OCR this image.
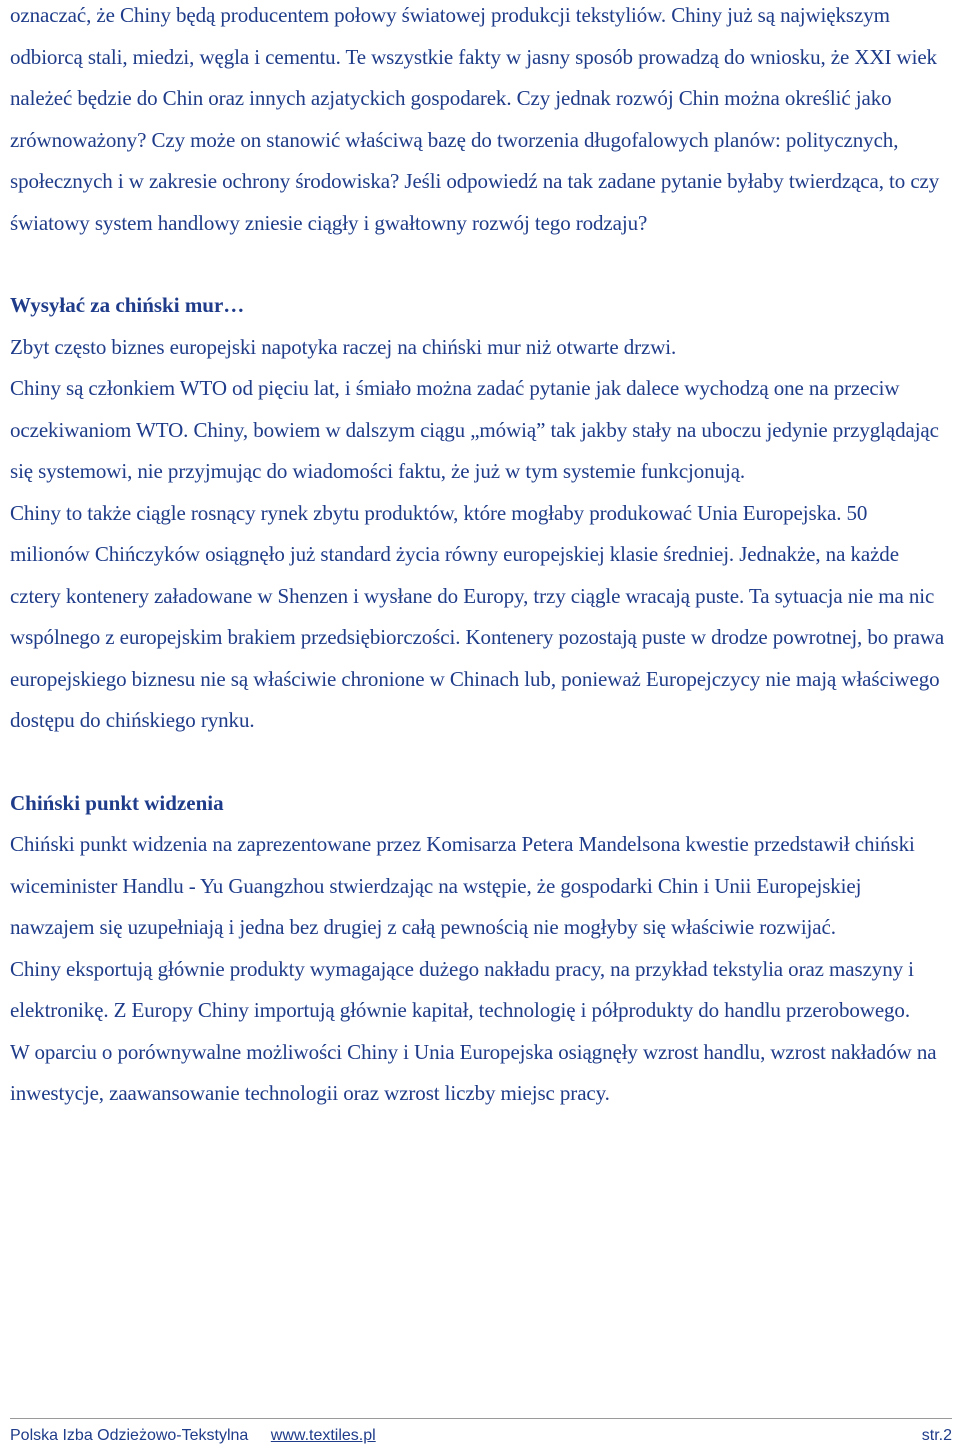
oznaczać, że Chiny będą producentem połowy światowej produkcji tekstyliów. Chiny już są największym odbiorcą stali, miedzi, węgla i cementu. Te wszystkie fakty w jasny sposób prowadzą do wniosku, że XXI wiek należeć będzie do Chin oraz innych azjatyckich gospodarek. Czy jednak rozwój Chin można określić jako zrównoważony? Czy może on stanowić właściwą bazę do tworzenia długofalowych planów: politycznych, społecznych i w zakresie ochrony środowiska? Jeśli odpowiedź na tak zadane pytanie byłaby twierdząca, to czy światowy system handlowy zniesie ciągły i gwałtowny rozwój tego rodzaju?

Wysyłać za chiński mur…

Zbyt często biznes europejski napotyka raczej na chiński mur niż otwarte drzwi.

Chiny są członkiem WTO od pięciu lat, i śmiało można zadać pytanie jak dalece wychodzą one na przeciw oczekiwaniom WTO. Chiny, bowiem w dalszym ciągu „mówią” tak jakby stały na uboczu jedynie przyglądając się systemowi, nie przyjmując do wiadomości faktu, że już w tym systemie funkcjonują.

Chiny to także ciągle rosnący rynek zbytu produktów, które mogłaby produkować Unia Europejska. 50 milionów Chińczyków osiągnęło już standard życia równy europejskiej klasie średniej. Jednakże, na każde cztery kontenery załadowane w Shenzen i wysłane do Europy, trzy ciągle wracają puste. Ta sytuacja nie ma nic wspólnego z europejskim brakiem przedsiębiorczości. Kontenery pozostają puste w drodze powrotnej, bo prawa europejskiego biznesu nie są właściwie chronione w Chinach lub, ponieważ Europejczycy nie mają właściwego dostępu do chińskiego rynku.

Chiński punkt widzenia

Chiński punkt widzenia na zaprezentowane przez Komisarza Petera Mandelsona kwestie przedstawił chiński wiceminister Handlu - Yu Guangzhou stwierdzając na wstępie, że gospodarki Chin i Unii Europejskiej nawzajem się uzupełniają i jedna bez drugiej z całą pewnością nie mogłyby się właściwie rozwijać.

Chiny eksportują głównie produkty wymagające dużego nakładu pracy, na przykład tekstylia oraz maszyny i elektronikę. Z Europy Chiny importują głównie kapitał, technologię i półprodukty do handlu przerobowego.

W oparciu o porównywalne możliwości Chiny i Unia Europejska osiągnęły wzrost handlu, wzrost nakładów na inwestycje, zaawansowanie technologii oraz wzrost liczby miejsc pracy.

Polska Izba Odzieżowo-Tekstylna www.textiles.pl	str.2
